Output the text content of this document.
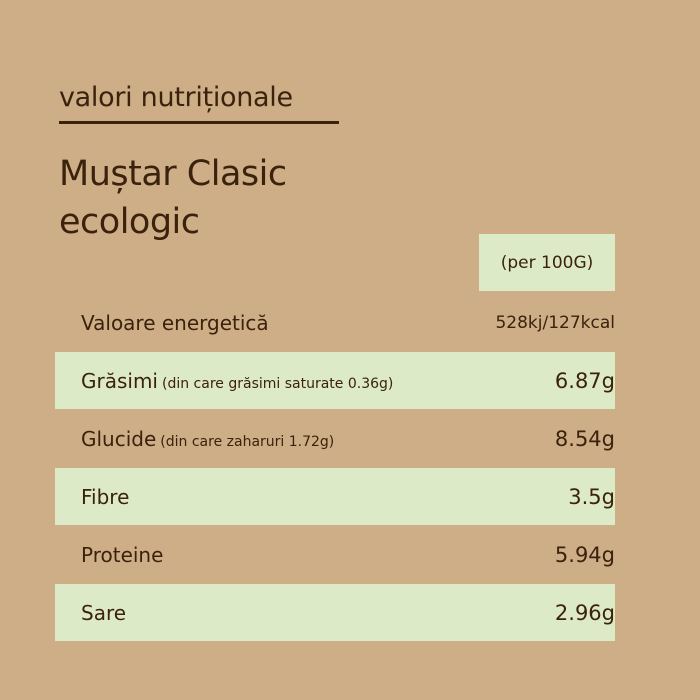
valori nutriționale
Muștar Clasic
ecologic
(per 100G)
Valoare energetică	528kj/127kcal
Grăsimi (din care grăsimi saturate 0.36g)	6.87g
Glucide (din care zaharuri 1.72g)	8.54g
Fibre	3.5g
Proteine	5.94g
Sare	2.96g
